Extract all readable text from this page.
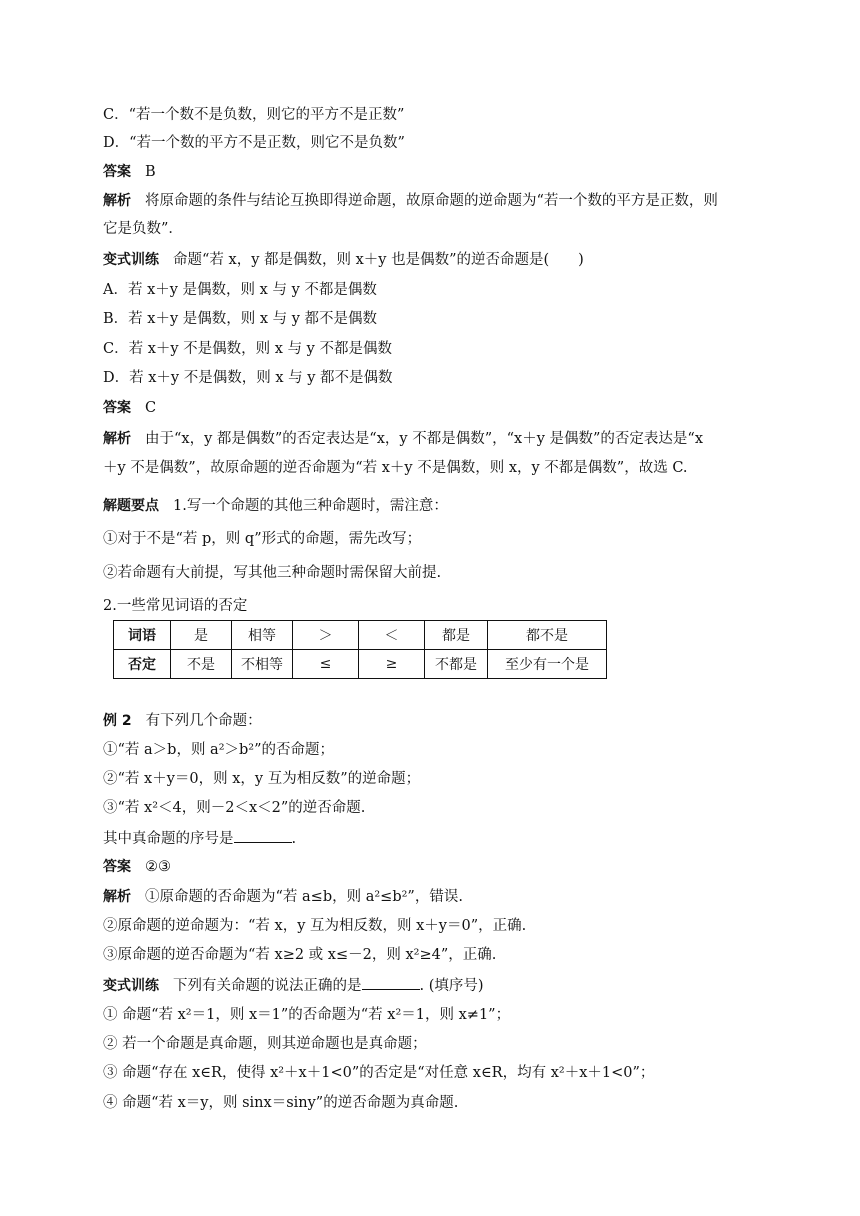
C．“若一个数不是负数，则它的平方不是正数”
D．“若一个数的平方不是正数，则它不是负数”
答案 B
解析 将原命题的条件与结论互换即得逆命题，故原命题的逆命题为“若一个数的平方是正数，则
它是负数”．
变式训练 命题“若 x，y 都是偶数，则 x＋y 也是偶数”的逆否命题是(　　)
A．若 x＋y 是偶数，则 x 与 y 不都是偶数
B．若 x＋y 是偶数，则 x 与 y 都不是偶数
C．若 x＋y 不是偶数，则 x 与 y 不都是偶数
D．若 x＋y 不是偶数，则 x 与 y 都不是偶数
答案 C
解析 由于“x，y 都是偶数”的否定表达是“x，y 不都是偶数”，“x＋y 是偶数”的否定表达是“x
＋y 不是偶数”，故原命题的逆否命题为“若 x＋y 不是偶数，则 x，y 不都是偶数”，故选 C.
解题要点 1.写一个命题的其他三种命题时，需注意：
①对于不是“若 p，则 q”形式的命题，需先改写；
②若命题有大前提，写其他三种命题时需保留大前提.
2.一些常见词语的否定
词语	是	相等	＞	＜	都是	都不是
否定	不是	不相等	≤	≥	不都是	至少有一个是
例 2 有下列几个命题：
①“若 a＞b，则 a²＞b²”的否命题；
②“若 x＋y＝0，则 x，y 互为相反数”的逆命题；
③“若 x²＜4，则－2＜x＜2”的逆否命题.
其中真命题的序号是	.
答案 ②③
解析 ①原命题的否命题为“若 a≤b，则 a²≤b²”，错误.
②原命题的逆命题为：“若 x，y 互为相反数，则 x＋y＝0”，正确.
③原命题的逆否命题为“若 x≥2 或 x≤－2，则 x²≥4”，正确.
变式训练 下列有关命题的说法正确的是	. (填序号)
① 命题“若 x²＝1，则 x＝1”的否命题为“若 x²＝1，则 x≠1”；
② 若一个命题是真命题，则其逆命题也是真命题；
③ 命题“存在 x∈R，使得 x²＋x＋1<0”的否定是“对任意 x∈R，均有 x²＋x＋1<0”；
④ 命题“若 x＝y，则 sinx＝siny”的逆否命题为真命题.
